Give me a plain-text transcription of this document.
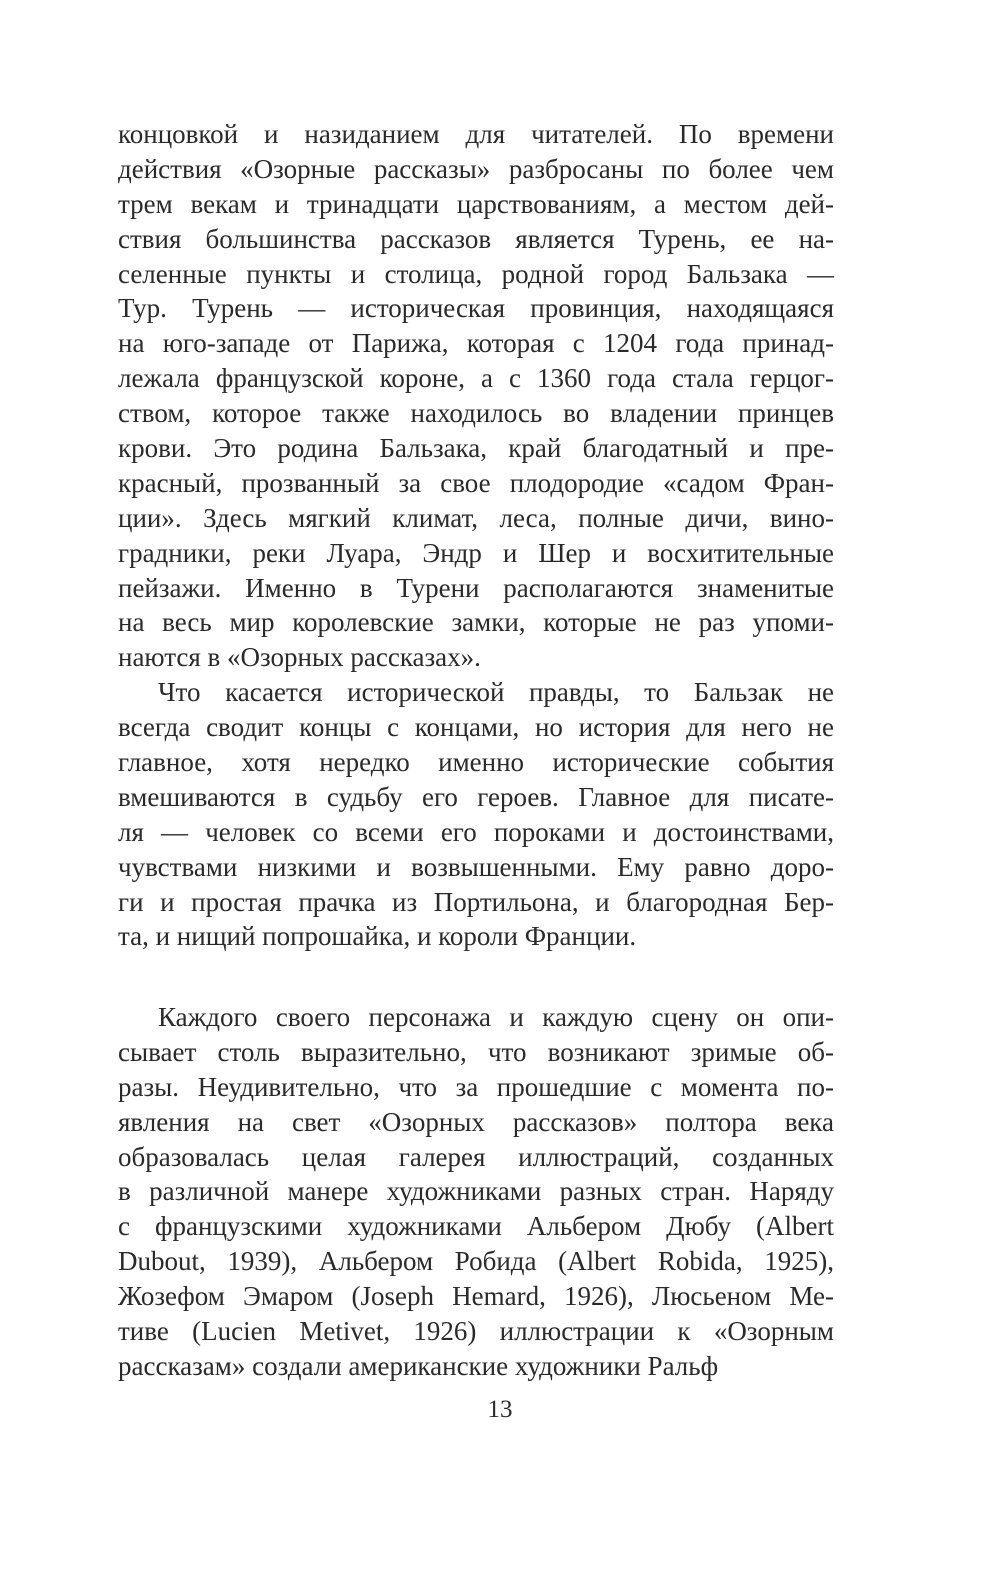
концовкой и назиданием для читателей. По времени
действия «Озорные рассказы» разбросаны по более чем
трем векам и тринадцати царствованиям, а местом дей-
ствия большинства рассказов является Турень, ее на-
селенные пункты и столица, родной город Бальзака —
Тур. Турень — историческая провинция, находящаяся
на юго-западе от Парижа, которая с 1204 года принад-
лежала французской короне, а с 1360 года стала герцог-
ством, которое также находилось во владении принцев
крови. Это родина Бальзака, край благодатный и пре-
красный, прозванный за свое плодородие «садом Фран-
ции». Здесь мягкий климат, леса, полные дичи, вино-
градники, реки Луара, Эндр и Шер и восхитительные
пейзажи. Именно в Турени располагаются знаменитые
на весь мир королевские замки, которые не раз упоми-
наются в «Озорных рассказах».
Что касается исторической правды, то Бальзак не
всегда сводит концы с концами, но история для него не
главное, хотя нередко именно исторические события
вмешиваются в судьбу его героев. Главное для писате-
ля — человек со всеми его пороками и достоинствами,
чувствами низкими и возвышенными. Ему равно доро-
ги и простая прачка из Портильона, и благородная Бер-
та, и нищий попрошайка, и короли Франции.
Каждого своего персонажа и каждую сцену он опи-
сывает столь выразительно, что возникают зримые об-
разы. Неудивительно, что за прошедшие с момента по-
явления на свет «Озорных рассказов» полтора века
образовалась целая галерея иллюстраций, созданных
в различной манере художниками разных стран. Наряду
с французскими художниками Альбером Дюбу (Albert
Dubout, 1939), Альбером Робида (Albert Robida, 1925),
Жозефом Эмаром (Joseph Hemard, 1926), Люсьеном Ме-
тиве (Lucien Metivet, 1926) иллюстрации к «Озорным
рассказам» создали американские художники Ральф
13
